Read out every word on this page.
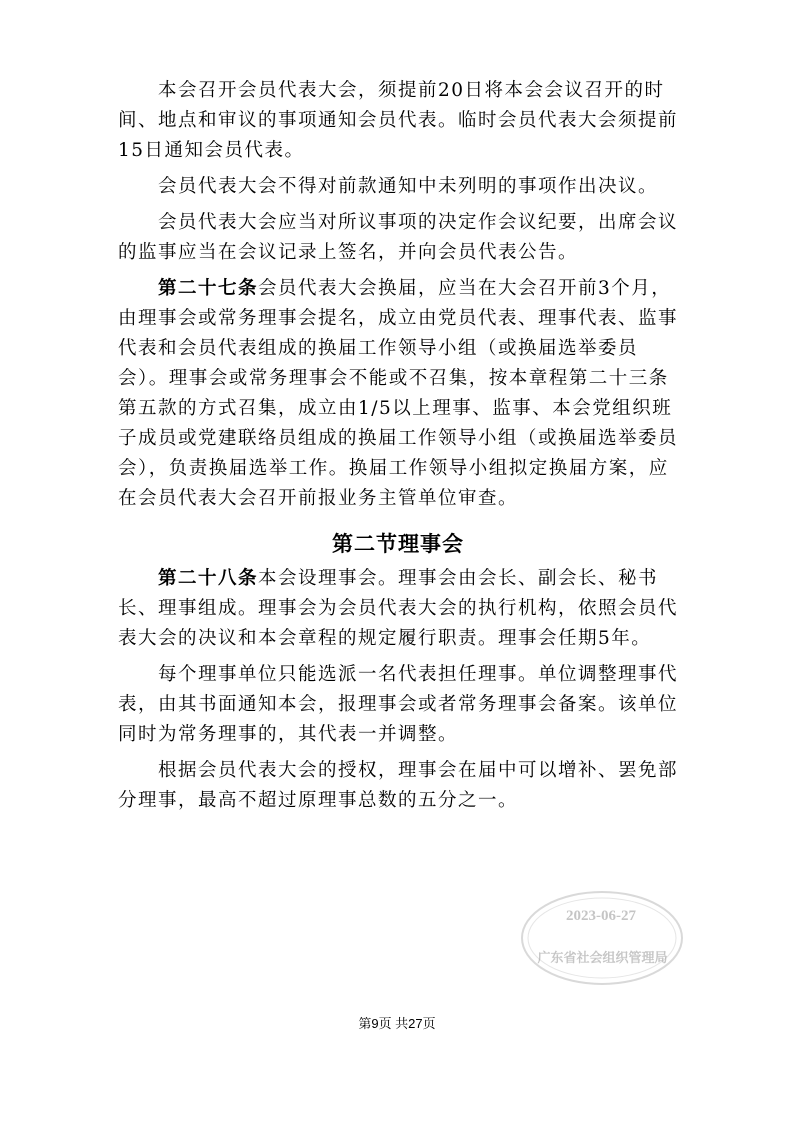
　　本会召开会员代表大会，须提前20日将本会会议召开的时间、地点和审议的事项通知会员代表。临时会员代表大会须提前15日通知会员代表。

　　会员代表大会不得对前款通知中未列明的事项作出决议。

　　会员代表大会应当对所议事项的决定作会议纪要，出席会议的监事应当在会议记录上签名，并向会员代表公告。

　　第二十七条会员代表大会换届，应当在大会召开前3个月，由理事会或常务理事会提名，成立由党员代表、理事代表、监事代表和会员代表组成的换届工作领导小组（或换届选举委员会）。理事会或常务理事会不能或不召集，按本章程第二十三条第五款的方式召集，成立由1/5以上理事、监事、本会党组织班子成员或党建联络员组成的换届工作领导小组（或换届选举委员会），负责换届选举工作。换届工作领导小组拟定换届方案，应在会员代表大会召开前报业务主管单位审查。

第二节理事会

　　第二十八条本会设理事会。理事会由会长、副会长、秘书长、理事组成。理事会为会员代表大会的执行机构，依照会员代表大会的决议和本会章程的规定履行职责。理事会任期5年。

　　每个理事单位只能选派一名代表担任理事。单位调整理事代表，由其书面通知本会，报理事会或者常务理事会备案。该单位同时为常务理事的，其代表一并调整。

　　根据会员代表大会的授权，理事会在届中可以增补、罢免部分理事，最高不超过原理事总数的五分之一。

2023-06-27
广东省社会组织管理局
第9页 共27页
